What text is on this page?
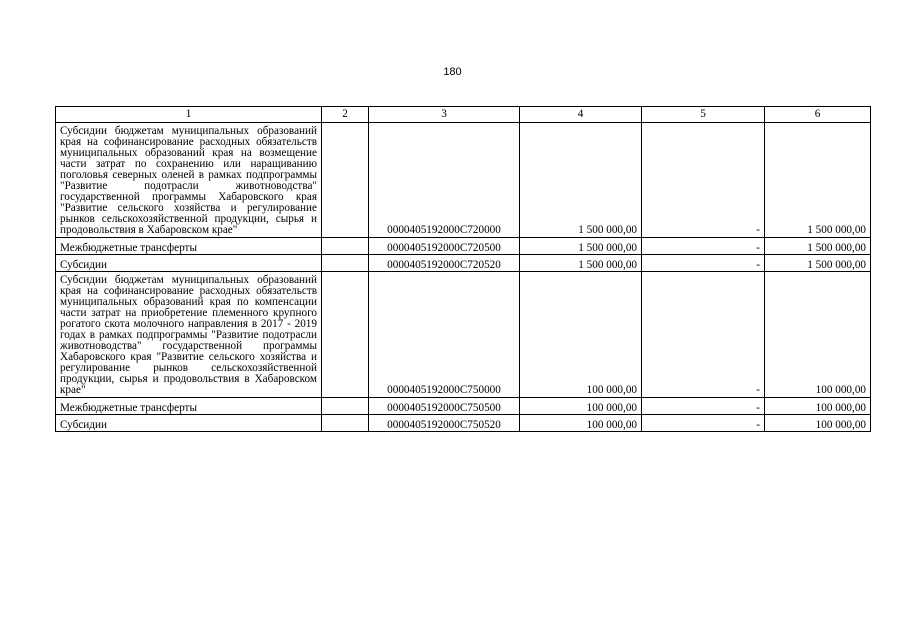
180
1	2	3	4	5	6
Субсидии бюджетам муниципальных образований края на софинансирование расходных обязательств муниципальных образований края на возмещение части затрат по сохранению или наращиванию поголовья северных оленей в рамках подпрограммы "Развитие подотрасли животноводства" государственной программы Хабаровского края "Развитие сельского хозяйства и регулирование рынков сельскохозяйственной продукции, сырья и продовольствия в Хабаровском крае"		0000405192000C720000	1 500 000,00	-	1 500 000,00
Межбюджетные трансферты		0000405192000C720500	1 500 000,00	-	1 500 000,00
Субсидии		0000405192000C720520	1 500 000,00	-	1 500 000,00
Субсидии бюджетам муниципальных образований края на софинансирование расходных обязательств муниципальных образований края по компенсации части затрат на приобретение племенного крупного рогатого скота молочного направления в 2017 - 2019 годах в рамках подпрограммы "Развитие подотрасли животноводства" государственной программы Хабаровского края "Развитие сельского хозяйства и регулирование рынков сельскохозяйственной продукции, сырья и продовольствия в Хабаровском крае"		0000405192000C750000	100 000,00	-	100 000,00
Межбюджетные трансферты		0000405192000C750500	100 000,00	-	100 000,00
Субсидии		0000405192000C750520	100 000,00	-	100 000,00
